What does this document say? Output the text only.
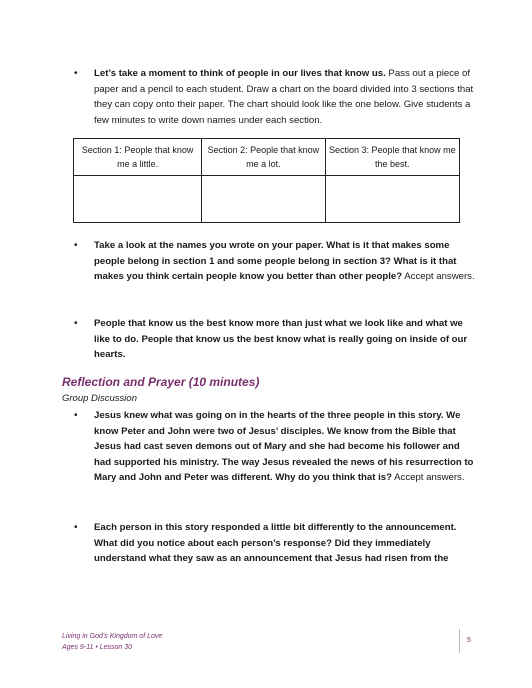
• Let’s take a moment to think of people in our lives that know us. Pass out a piece of paper and a pencil to each student. Draw a chart on the board divided into 3 sections that they can copy onto their paper. The chart should look like the one below. Give students a few minutes to write down names under each section.
Section 1: People that know me a little.	Section 2: People that know me a lot.	Section 3: People that know me the best.

• Take a look at the names you wrote on your paper. What is it that makes some people belong in section 1 and some people belong in section 3? What is it that makes you think certain people know you better than other people? Accept answers.
• People that know us the best know more than just what we look like and what we like to do. People that know us the best know what is really going on inside of our hearts.
Reflection and Prayer (10 minutes)
Group Discussion
• Jesus knew what was going on in the hearts of the three people in this story. We know Peter and John were two of Jesus’ disciples. We know from the Bible that Jesus had cast seven demons out of Mary and she had become his follower and had supported his ministry. The way Jesus revealed the news of his resurrection to Mary and John and Peter was different. Why do you think that is? Accept answers.
• Each person in this story responded a little bit differently to the announcement. What did you notice about each person’s response? Did they immediately understand what they saw as an announcement that Jesus had risen from the
Living in God’s Kingdom of Love
Ages 9-11 • Lesson 30
5
